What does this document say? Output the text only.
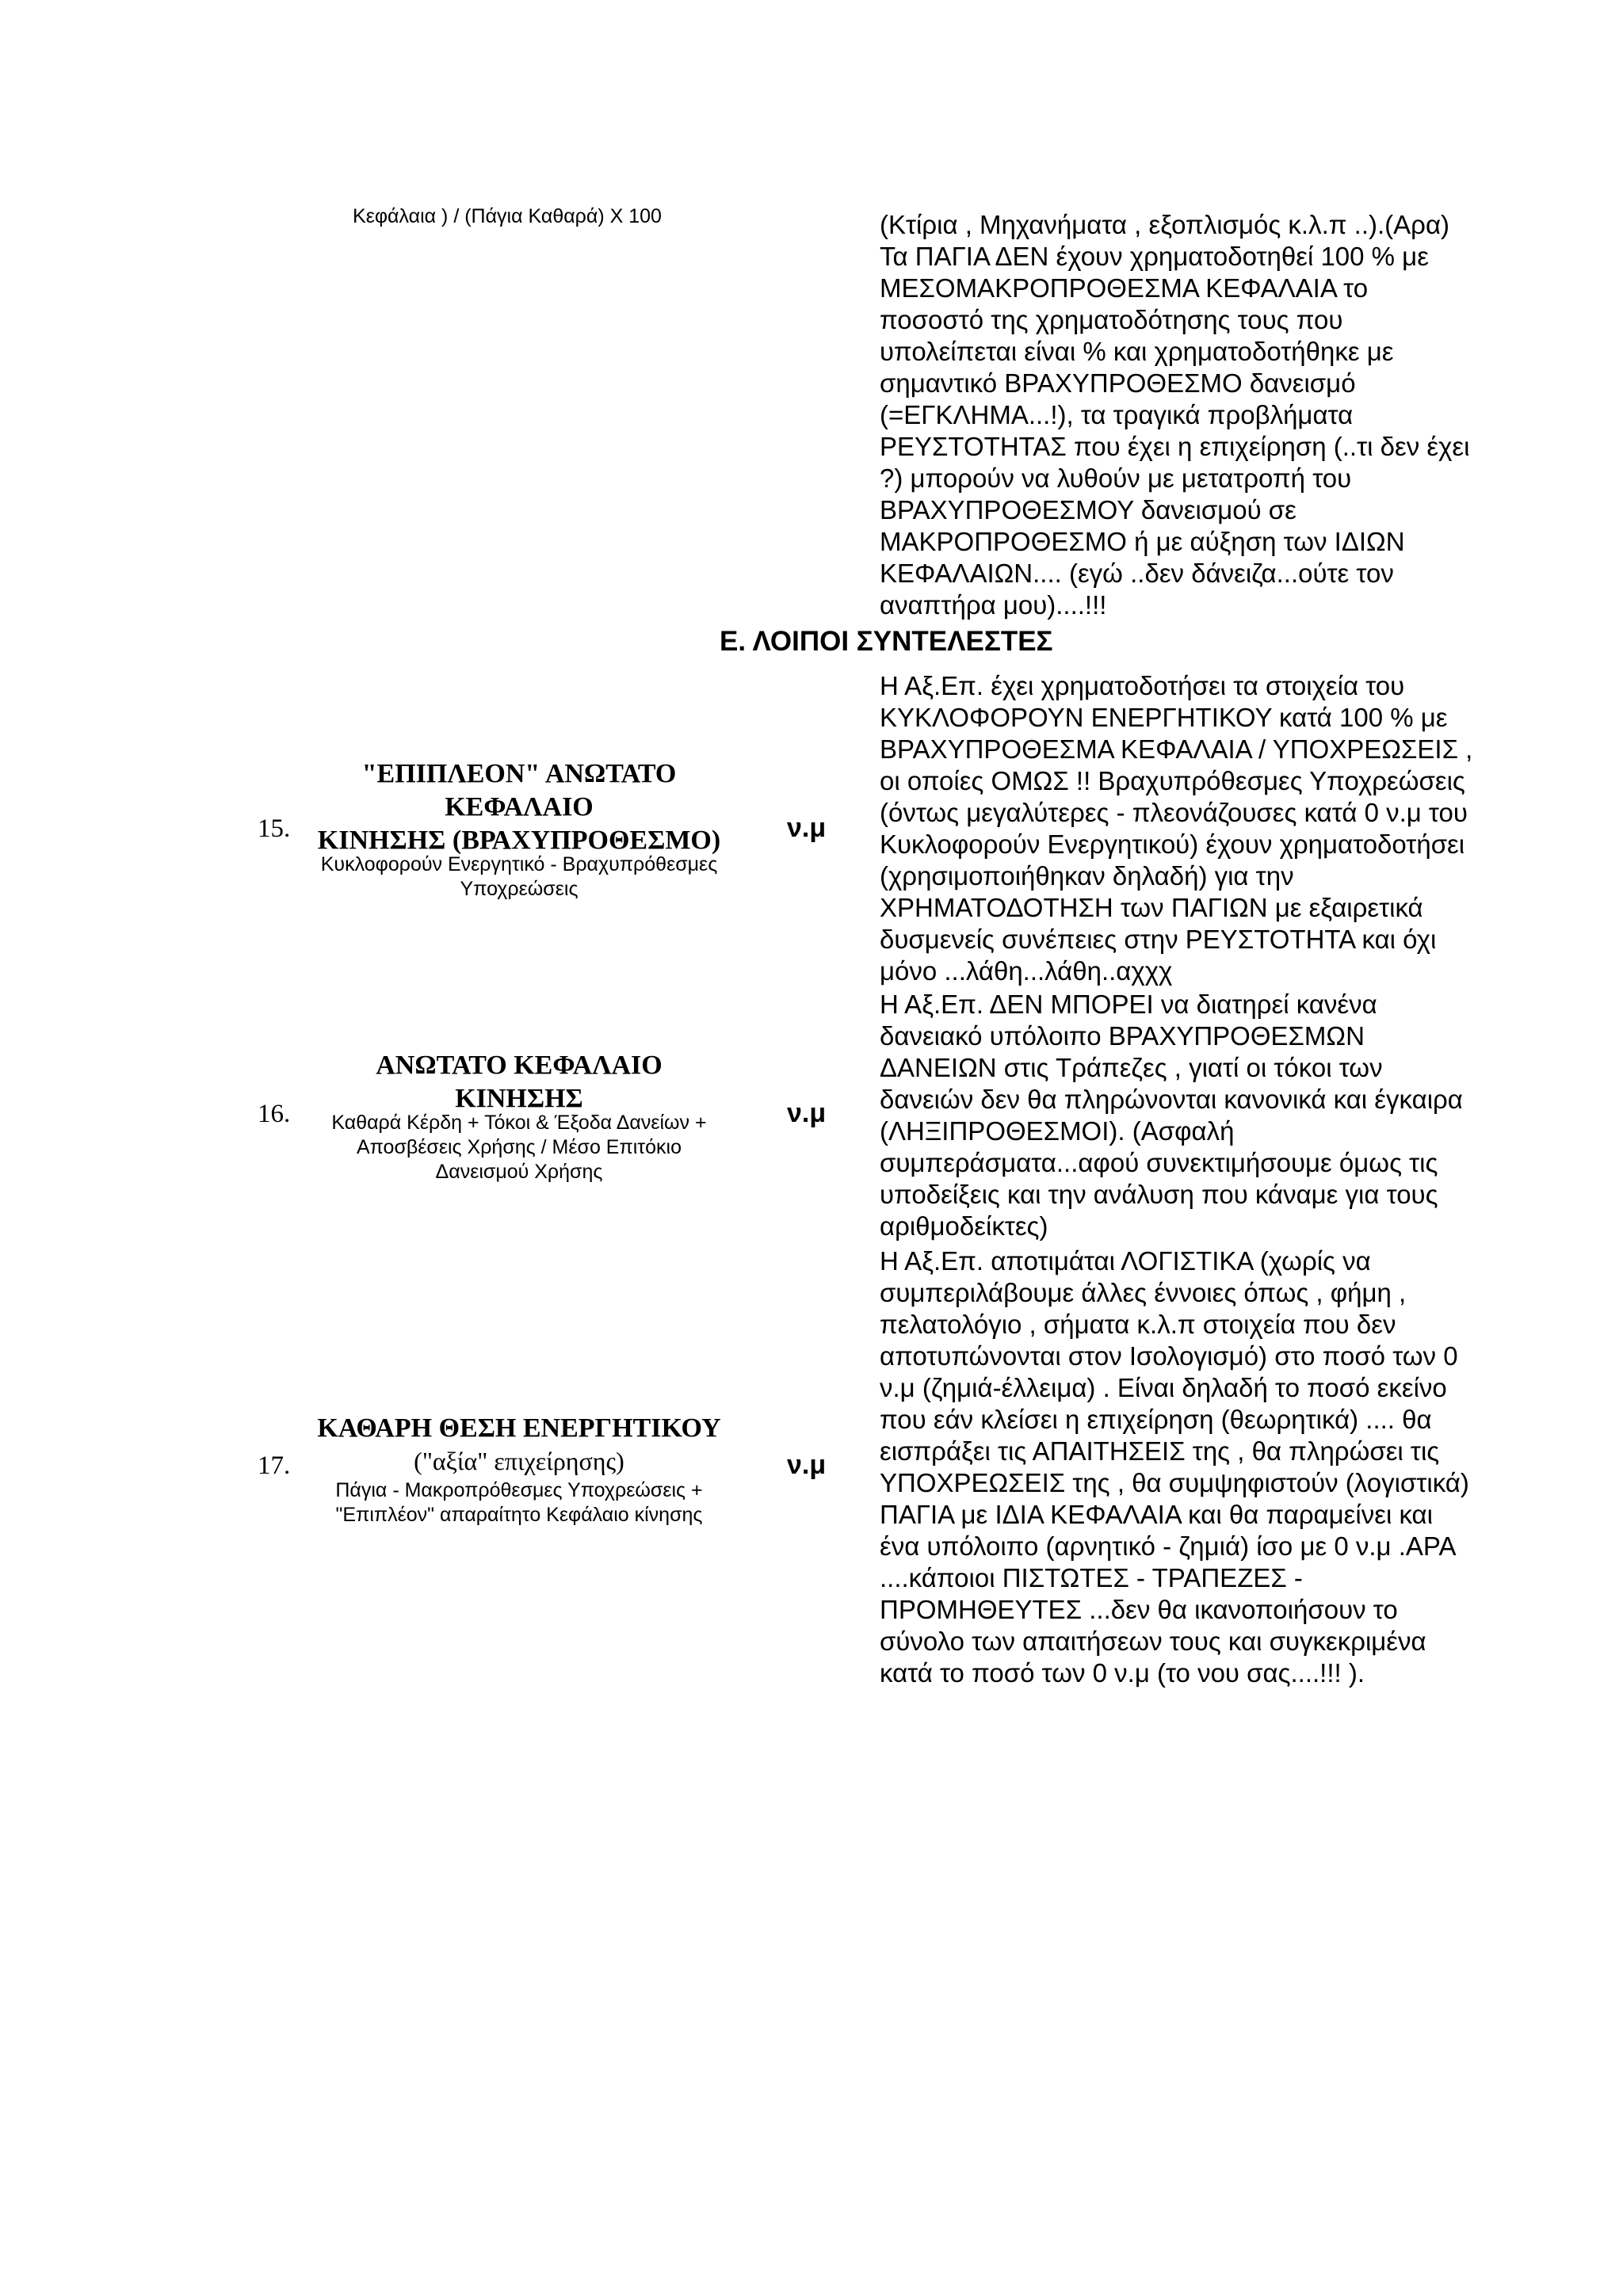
Κεφάλαια ) / (Πάγια Καθαρά) Χ 100	(Κτίρια , Μηχανήματα , εξοπλισμός κ.λ.π ..).(Αρα)
Τα ΠΑΓΙΑ ΔΕΝ έχουν χρηματοδοτηθεί 100 % με
ΜΕΣΟΜΑΚΡΟΠΡΟΘΕΣΜΑ ΚΕΦΑΛΑΙΑ το
ποσοστό της χρηματοδότησης τους που
υπολείπεται είναι % και χρηματοδοτήθηκε με
σημαντικό ΒΡΑΧΥΠΡΟΘΕΣΜΟ δανεισμό
(=ΕΓΚΛΗΜΑ...!), τα τραγικά προβλήματα
ΡΕΥΣΤΟΤΗΤΑΣ που έχει η επιχείρηση (..τι δεν έχει
?) μπορούν να λυθούν με μετατροπή του
ΒΡΑΧΥΠΡΟΘΕΣΜΟΥ δανεισμού σε
ΜΑΚΡΟΠΡΟΘΕΣΜΟ ή με αύξηση των ΙΔΙΩΝ
ΚΕΦΑΛΑΙΩΝ.... (εγώ ..δεν δάνειζα...ούτε τον
αναπτήρα μου)....!!!

Ε. ΛΟΙΠΟΙ ΣΥΝΤΕΛΕΣΤΕΣ
15.
"ΕΠΙΠΛΕΟΝ" ΑΝΩΤΑΤΟ
ΚΕΦΑΛΑΙΟ
ΚΙΝΗΣΗΣ (ΒΡΑΧΥΠΡΟΘΕΣΜΟ)
Κυκλοφορούν Ενεργητικό - Βραχυπρόθεσμες
Υποχρεώσεις
ν.μ

Η Αξ.Επ. έχει χρηματοδοτήσει τα στοιχεία του
ΚΥΚΛΟΦΟΡΟΥΝ ΕΝΕΡΓΗΤΙΚΟΥ κατά 100 % με
ΒΡΑΧΥΠΡΟΘΕΣΜΑ ΚΕΦΑΛΑΙΑ / ΥΠΟΧΡΕΩΣΕΙΣ ,
οι οποίες ΟΜΩΣ !! Βραχυπρόθεσμες Υποχρεώσεις
(όντως μεγαλύτερες - πλεονάζουσες κατά 0 ν.μ του
Κυκλοφορούν Ενεργητικού) έχουν χρηματοδοτήσει
(χρησιμοποιήθηκαν δηλαδή) για την
ΧΡΗΜΑΤΟΔΟΤΗΣΗ των ΠΑΓΙΩΝ με εξαιρετικά
δυσμενείς συνέπειες στην ΡΕΥΣΤΟΤΗΤΑ και όχι
μόνο ...λάθη...λάθη..αχχχ

16.
ΑΝΩΤΑΤΟ ΚΕΦΑΛΑΙΟ
ΚΙΝΗΣΗΣ
Καθαρά Κέρδη + Τόκοι & Έξοδα Δανείων +
Αποσβέσεις Χρήσης / Μέσο Επιτόκιο
Δανεισμού Χρήσης
ν.μ

Η Αξ.Επ. ΔΕΝ ΜΠΟΡΕΙ να διατηρεί κανένα
δανειακό υπόλοιπο ΒΡΑΧΥΠΡΟΘΕΣΜΩΝ
ΔΑΝΕΙΩΝ στις Τράπεζες , γιατί οι τόκοι των
δανειών δεν θα πληρώνονται κανονικά και έγκαιρα
(ΛΗΞΙΠΡΟΘΕΣΜΟΙ). (Ασφαλή
συμπεράσματα...αφού συνεκτιμήσουμε όμως τις
υποδείξεις και την ανάλυση που κάναμε για τους
αριθμοδείκτες)

17.
ΚΑΘΑΡΗ ΘΕΣΗ ΕΝΕΡΓΗΤΙΚΟΥ
("αξία" επιχείρησης)
Πάγια - Μακροπρόθεσμες Υποχρεώσεις +
"Επιπλέον" απαραίτητο Κεφάλαιο κίνησης
ν.μ

Η Αξ.Επ. αποτιμάται ΛΟΓΙΣΤΙΚΑ (χωρίς να
συμπεριλάβουμε άλλες έννοιες όπως , φήμη ,
πελατολόγιο , σήματα κ.λ.π στοιχεία που δεν
αποτυπώνονται στον Ισολογισμό) στο ποσό των 0
ν.μ (ζημιά-έλλειμα) . Είναι δηλαδή το ποσό εκείνο
που εάν κλείσει η επιχείρηση (θεωρητικά) .... θα
εισπράξει τις ΑΠΑΙΤΗΣΕΙΣ της , θα πληρώσει τις
ΥΠΟΧΡΕΩΣΕΙΣ της , θα συμψηφιστούν (λογιστικά)
ΠΑΓΙΑ με ΙΔΙΑ ΚΕΦΑΛΑΙΑ και θα παραμείνει και
ένα υπόλοιπο (αρνητικό - ζημιά) ίσο με 0 ν.μ .ΑΡΑ
....κάποιοι ΠΙΣΤΩΤΕΣ - ΤΡΑΠΕΖΕΣ -
ΠΡΟΜΗΘΕΥΤΕΣ ...δεν θα ικανοποιήσουν το
σύνολο των απαιτήσεων τους και συγκεκριμένα
κατά το ποσό των 0 ν.μ (το νου σας....!!! ).
